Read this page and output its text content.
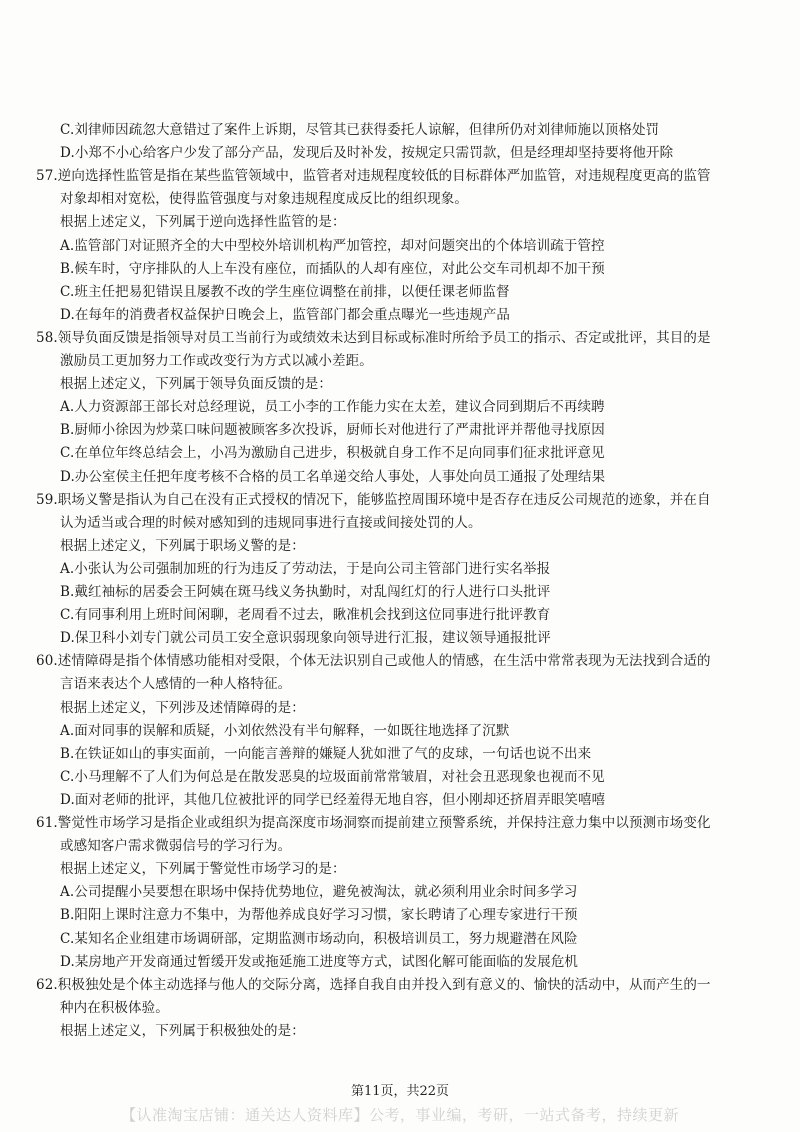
C.刘律师因疏忽大意错过了案件上诉期，尽管其已获得委托人谅解，但律所仍对刘律师施以顶格处罚
D.小郑不小心给客户少发了部分产品，发现后及时补发，按规定只需罚款，但是经理却坚持要将他开除
57.逆向选择性监管是指在某些监管领域中，监管者对违规程度较低的目标群体严加监管，对违规程度更高的监管
对象却相对宽松，使得监管强度与对象违规程度成反比的组织现象。
根据上述定义，下列属于逆向选择性监管的是：
A.监管部门对证照齐全的大中型校外培训机构严加管控，却对问题突出的个体培训疏于管控
B.候车时，守序排队的人上车没有座位，而插队的人却有座位，对此公交车司机却不加干预
C.班主任把易犯错误且屡教不改的学生座位调整在前排，以便任课老师监督
D.在每年的消费者权益保护日晚会上，监管部门都会重点曝光一些违规产品
58.领导负面反馈是指领导对员工当前行为或绩效未达到目标或标准时所给予员工的指示、否定或批评，其目的是
激励员工更加努力工作或改变行为方式以减小差距。
根据上述定义，下列属于领导负面反馈的是：
A.人力资源部王部长对总经理说，员工小李的工作能力实在太差，建议合同到期后不再续聘
B.厨师小徐因为炒菜口味问题被顾客多次投诉，厨师长对他进行了严肃批评并帮他寻找原因
C.在单位年终总结会上，小冯为激励自己进步，积极就自身工作不足向同事们征求批评意见
D.办公室侯主任把年度考核不合格的员工名单递交给人事处，人事处向员工通报了处理结果
59.职场义警是指认为自己在没有正式授权的情况下，能够监控周围环境中是否存在违反公司规范的迹象，并在自
认为适当或合理的时候对感知到的违规同事进行直接或间接处罚的人。
根据上述定义，下列属于职场义警的是：
A.小张认为公司强制加班的行为违反了劳动法，于是向公司主管部门进行实名举报
B.戴红袖标的居委会王阿姨在斑马线义务执勤时，对乱闯红灯的行人进行口头批评
C.有同事利用上班时间闲聊，老周看不过去，瞅准机会找到这位同事进行批评教育
D.保卫科小刘专门就公司员工安全意识弱现象向领导进行汇报，建议领导通报批评
60.述情障碍是指个体情感功能相对受限，个体无法识别自己或他人的情感，在生活中常常表现为无法找到合适的
言语来表达个人感情的一种人格特征。
根据上述定义，下列涉及述情障碍的是：
A.面对同事的误解和质疑，小刘依然没有半句解释，一如既往地选择了沉默
B.在铁证如山的事实面前，一向能言善辩的嫌疑人犹如泄了气的皮球，一句话也说不出来
C.小马理解不了人们为何总是在散发恶臭的垃圾面前常常皱眉，对社会丑恶现象也视而不见
D.面对老师的批评，其他几位被批评的同学已经羞得无地自容，但小刚却还挤眉弄眼笑嘻嘻
61.警觉性市场学习是指企业或组织为提高深度市场洞察而提前建立预警系统，并保持注意力集中以预测市场变化
或感知客户需求微弱信号的学习行为。
根据上述定义，下列属于警觉性市场学习的是：
A.公司提醒小吴要想在职场中保持优势地位，避免被淘汰，就必须利用业余时间多学习
B.阳阳上课时注意力不集中，为帮他养成良好学习习惯，家长聘请了心理专家进行干预
C.某知名企业组建市场调研部，定期监测市场动向，积极培训员工，努力规避潜在风险
D.某房地产开发商通过暂缓开发或拖延施工进度等方式，试图化解可能面临的发展危机
62.积极独处是个体主动选择与他人的交际分离，选择自我自由并投入到有意义的、愉快的活动中，从而产生的一
种内在积极体验。
根据上述定义，下列属于积极独处的是：
第11页，共22页
【认准淘宝店铺：通关达人资料库】公考，事业编，考研，一站式备考，持续更新
